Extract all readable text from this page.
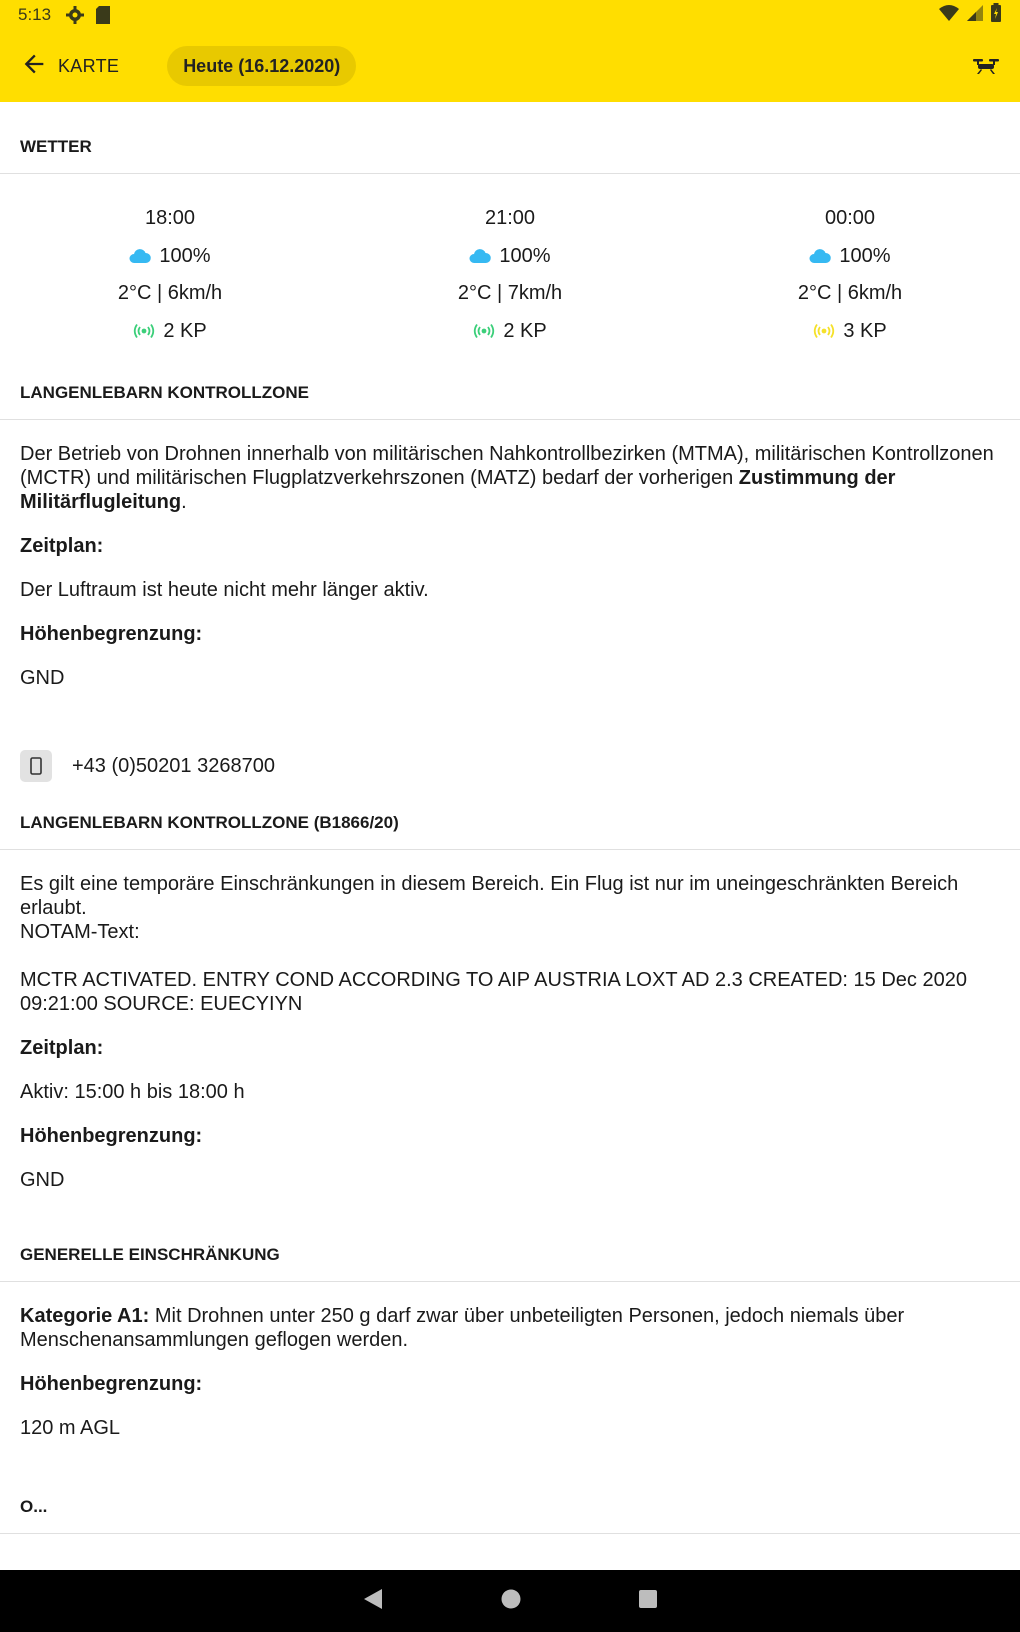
5:13
KARTE	Heute (16.12.2020)
WETTER
18:00
100%
2°C | 6km/h
2 KP
21:00
100%
2°C | 7km/h
2 KP
00:00
100%
2°C | 6km/h
3 KP
LANGENLEBARN KONTROLLZONE

Der Betrieb von Drohnen innerhalb von militärischen Nahkontrollbezirken (MTMA), militärischen Kontrollzonen (MCTR) und militärischen Flugplatzverkehrszonen (MATZ) bedarf der vorherigen Zustimmung der Militärflugleitung.

Zeitplan:

Der Luftraum ist heute nicht mehr länger aktiv.

Höhenbegrenzung:

GND

+43 (0)50201 3268700
LANGENLEBARN KONTROLLZONE (B1866/20)

Es gilt eine temporäre Einschränkungen in diesem Bereich. Ein Flug ist nur im uneingeschränkten Bereich erlaubt.

NOTAM-Text:

MCTR ACTIVATED. ENTRY COND ACCORDING TO AIP AUSTRIA LOXT AD 2.3 CREATED: 15 Dec 2020 09:21:00 SOURCE: EUECYIYN

Zeitplan:

Aktiv: 15:00 h bis 18:00 h

Höhenbegrenzung:

GND

GENERELLE EINSCHRÄNKUNG

Kategorie A1: Mit Drohnen unter 250 g darf zwar über unbeteiligten Personen, jedoch niemals über Menschenansammlungen geflogen werden.

Höhenbegrenzung:

120 m AGL

O...
